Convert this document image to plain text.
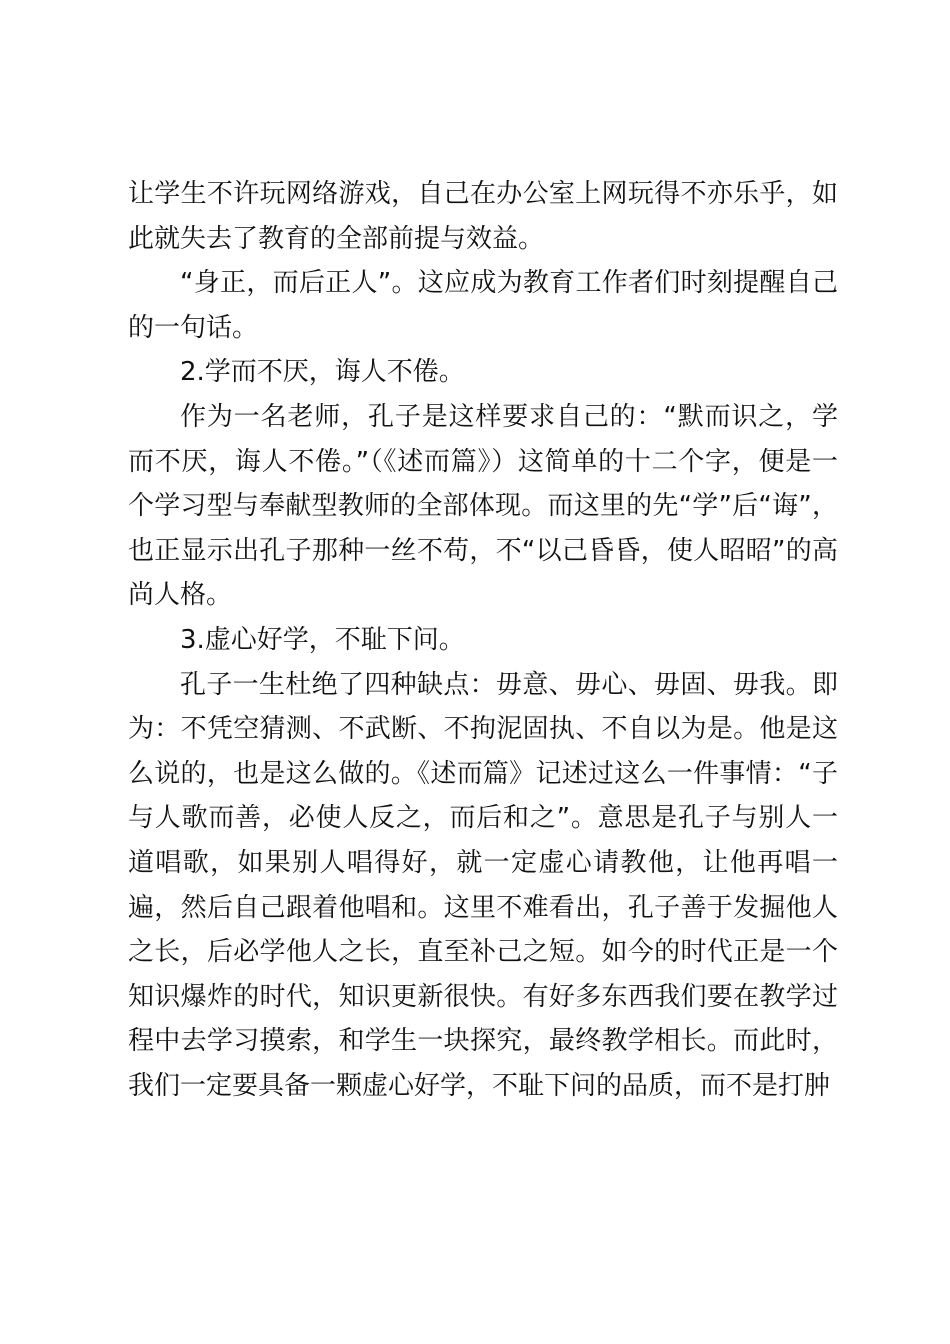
让学生不许玩网络游戏，自己在办公室上网玩得不亦乐乎，如此就失去了教育的全部前提与效益。

“身正，而后正人”。这应成为教育工作者们时刻提醒自己的一句话。

2.学而不厌，诲人不倦。

作为一名老师，孔子是这样要求自己的：“默而识之，学而不厌，诲人不倦。”（《述而篇》）这简单的十二个字，便是一个学习型与奉献型教师的全部体现。而这里的先“学”后“诲”，也正显示出孔子那种一丝不苟，不“以己昏昏，使人昭昭”的高尚人格。

3.虚心好学，不耻下问。

孔子一生杜绝了四种缺点：毋意、毋心、毋固、毋我。即为：不凭空猜测、不武断、不拘泥固执、不自以为是。他是这么说的，也是这么做的。《述而篇》记述过这么一件事情：“子与人歌而善，必使人反之，而后和之”。意思是孔子与别人一道唱歌，如果别人唱得好，就一定虚心请教他，让他再唱一遍，然后自己跟着他唱和。这里不难看出，孔子善于发掘他人之长，后必学他人之长，直至补己之短。如今的时代正是一个知识爆炸的时代，知识更新很快。有好多东西我们要在教学过程中去学习摸索，和学生一块探究，最终教学相长。而此时，我们一定要具备一颗虚心好学，不耻下问的品质，而不是打肿
